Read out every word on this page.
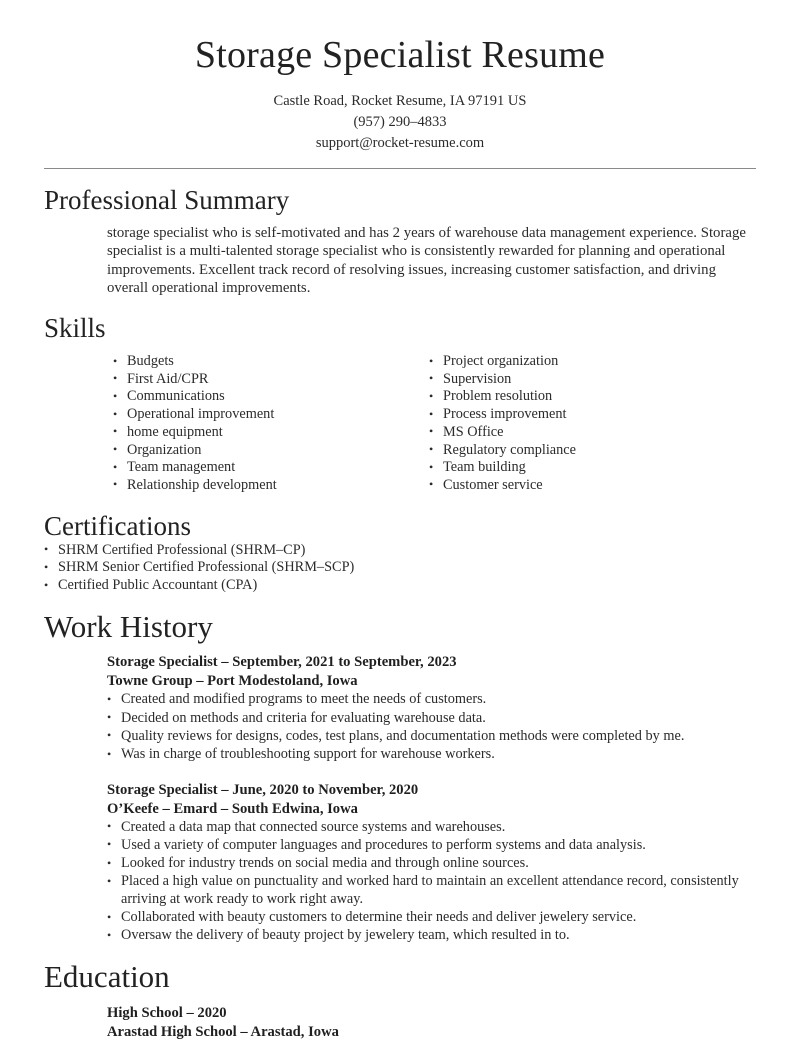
Storage Specialist Resume
Castle Road, Rocket Resume, IA 97191 US
(957) 290–4833
support@rocket-resume.com
Professional Summary

storage specialist who is self-motivated and has 2 years of warehouse data management experience. Storage specialist is a multi-talented storage specialist who is consistently rewarded for planning and operational improvements. Excellent track record of resolving issues, increasing customer satisfaction, and driving overall operational improvements.

Skills
• Budgets
• First Aid/CPR
• Communications
• Operational improvement
• home equipment
• Organization
• Team management
• Relationship development
• Project organization
• Supervision
• Problem resolution
• Process improvement
• MS Office
• Regulatory compliance
• Team building
• Customer service
Certifications
• SHRM Certified Professional (SHRM–CP)
• SHRM Senior Certified Professional (SHRM–SCP)
• Certified Public Accountant (CPA)
Work History
Storage Specialist – September, 2021 to September, 2023
Towne Group – Port Modestoland, Iowa
• Created and modified programs to meet the needs of customers.
• Decided on methods and criteria for evaluating warehouse data.
• Quality reviews for designs, codes, test plans, and documentation methods were completed by me.
• Was in charge of troubleshooting support for warehouse workers.
Storage Specialist – June, 2020 to November, 2020
O’Keefe – Emard – South Edwina, Iowa
• Created a data map that connected source systems and warehouses.
• Used a variety of computer languages and procedures to perform systems and data analysis.
• Looked for industry trends on social media and through online sources.
• Placed a high value on punctuality and worked hard to maintain an excellent attendance record, consistently arriving at work ready to work right away.
• Collaborated with beauty customers to determine their needs and deliver jewelery service.
• Oversaw the delivery of beauty project by jewelery team, which resulted in to.
Education
High School – 2020
Arastad High School – Arastad, Iowa
